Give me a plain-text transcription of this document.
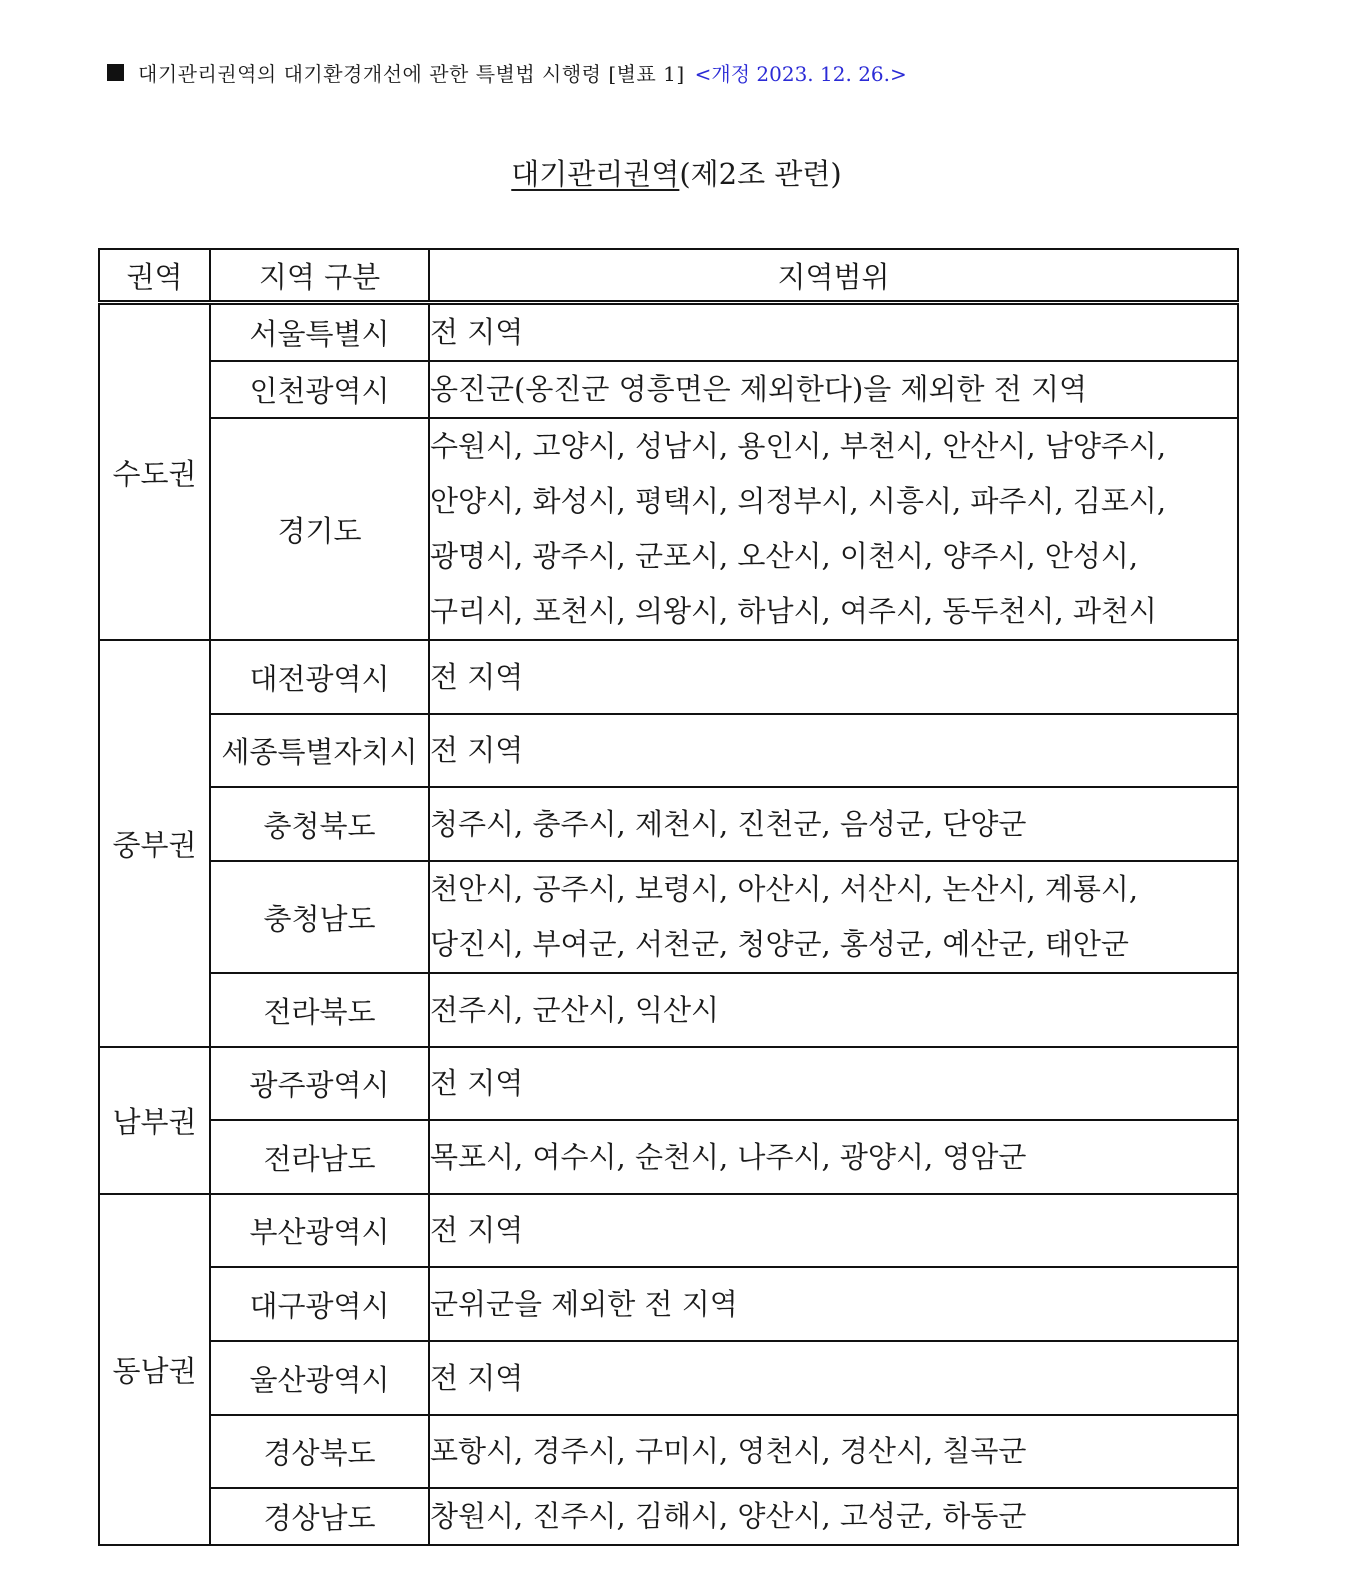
대기관리권역의 대기환경개선에 관한 특별법 시행령 [별표 1] <개정 2023. 12. 26.>
대기관리권역(제2조 관련)
권역	지역 구분	지역범위
수도권	서울특별시	전 지역

	인천광역시	옹진군(옹진군 영흥면은 제외한다)을 제외한 전 지역

	경기도	수원시, 고양시, 성남시, 용인시, 부천시, 안산시, 남양주시,
안양시, 화성시, 평택시, 의정부시, 시흥시, 파주시, 김포시,
광명시, 광주시, 군포시, 오산시, 이천시, 양주시, 안성시,
구리시, 포천시, 의왕시, 하남시, 여주시, 동두천시, 과천시

중부권	대전광역시	전 지역

	세종특별자치시	전 지역

	충청북도	청주시, 충주시, 제천시, 진천군, 음성군, 단양군

	충청남도	천안시, 공주시, 보령시, 아산시, 서산시, 논산시, 계룡시,
당진시, 부여군, 서천군, 청양군, 홍성군, 예산군, 태안군

	전라북도	전주시, 군산시, 익산시

남부권	광주광역시	전 지역

	전라남도	목포시, 여수시, 순천시, 나주시, 광양시, 영암군

동남권	부산광역시	전 지역

	대구광역시	군위군을 제외한 전 지역

	울산광역시	전 지역

	경상북도	포항시, 경주시, 구미시, 영천시, 경산시, 칠곡군

	경상남도	창원시, 진주시, 김해시, 양산시, 고성군, 하동군
